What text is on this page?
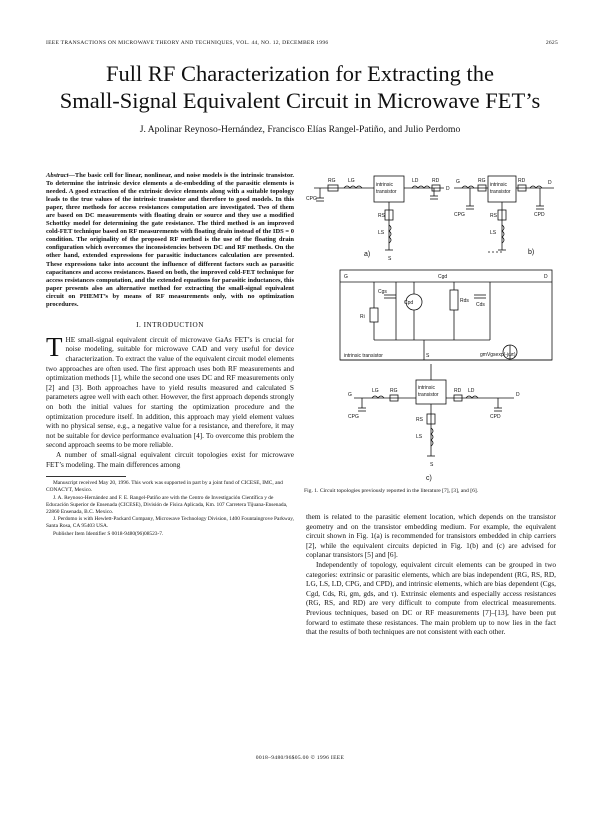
IEEE TRANSACTIONS ON MICROWAVE THEORY AND TECHNIQUES, VOL. 44, NO. 12, DECEMBER 1996	2625
Full RF Characterization for Extracting the
Small-Signal Equivalent Circuit in Microwave FET’s
J. Apolinar Reynoso-Hernández, Francisco Elías Rangel-Patiño, and Julio Perdomo
Abstract—The basic cell for linear, nonlinear, and noise models is the intrinsic transistor. To determine the intrinsic device elements a de-embedding of the parasitic elements is needed. A good extraction of the extrinsic device elements along with a suitable topology leads to the true values of the intrinsic transistor and therefore to good models. In this paper, three methods for access resistances computation are investigated. Two of them are based on DC measurements with floating drain or source and they use a modified Schottky model for determining the gate resistance. The third method is an improved cold-FET technique based on RF measurements with floating drain instead of the IDS = 0 condition. The originality of the proposed RF method is the use of the floating drain configuration which overcomes the inconsistencies between DC and RF methods. On the other hand, extended expressions for parasitic inductances calculation are presented. These expressions take into account the influence of different factors such as parasitic capacitances and access resistances. Based on both, the improved cold-FET technique for access resistances computation, and the extended equations for parasitic inductances, this paper presents also an alternative method for extracting the small-signal equivalent circuit on PHEMT’s by means of RF measurements only, with no optimization procedures.
I. INTRODUCTION

THE small-signal equivalent circuit of microwave GaAs FET’s is crucial for noise modeling, suitable for microwave CAD and very useful for device characterization. To extract the value of the equivalent circuit model elements two approaches are often used. The first approach uses both RF measurements and optimization methods [1], while the second one uses DC and RF measurements only [2] and [3]. Both approaches have to yield results measured and calculated S parameters agree well with each other. However, the first approach depends strongly on both the initial values for starting the optimization procedure and the optimization procedure itself. In addition, this approach may yield element values with no physical sense, e.g., a negative value for a resistance, and therefore, it may not be suitable for device performance evaluation [4]. To overcome this problem the second approach seems to be more reliable.

A number of small-signal equivalent circuit topologies exist for microwave FET’s modeling. The main differences among

Manuscript received May 20, 1996. This work was supported in part by a joint fund of CICESE, IMC, and CONACYT, Mexico.

J. A. Reynoso-Hernández and F. E. Rangel-Patiño are with the Centro de Investigación Científica y de Educación Superior de Ensenada (CICESE), División de Física Aplicada, Km. 107 Carretera Tijuana-Ensenada, 22860 Ensenada, B.C. Mexico.

J. Perdomo is with Hewlett-Packard Company, Microwave Technology Division, 1400 Fountaingrove Parkway, Santa Rosa, CA 95403 USA.

Publisher Item Identifier S 0018-9480(96)08523-7.

intrinsic
transistor
RG	LG	LD	RD
CPG
RS
LS
S
D
a)
G	intrinsic
transistor
RG	RD	D
CPG	CPD
RS
LS
b)
G	D
Cgd
Cgs
Ri
Cpd	Rds
Cds
intrinsic transistor	S	gmVgsexp(-jωτ)
intrinsic
transistor
G
LG RG	RD LD
D
CPG	CPD
RS
LS
S
c)
Fig. 1. Circuit topologies previously reported in the literature [7], [3], and [6].

them is related to the parasitic element location, which depends on the transistor geometry and on the transistor embedding medium. For example, the equivalent circuit shown in Fig. 1(a) is recommended for transistors embedded in chip carriers [2], while the equivalent circuits depicted in Fig. 1(b) and (c) are advised for coplanar transistors [5] and [6].

Independently of topology, equivalent circuit elements can be grouped in two categories: extrinsic or parasitic elements, which are bias independent (RG, RS, RD, LG, LS, LD, CPG, and CPD), and intrinsic elements, which are bias dependent (Cgs, Cgd, Cds, Ri, gm, gds, and τ). Extrinsic elements and especially access resistances (RG, RS, and RD) are very difficult to compute from electrical measurements. Previous techniques, based on DC or RF measurements [7]–[13], have been put forward to estimate these resistances. The main problem up to now lies in the fact that the results of both techniques are not consistent with each other.

0018–9480/96$05.00 © 1996 IEEE
